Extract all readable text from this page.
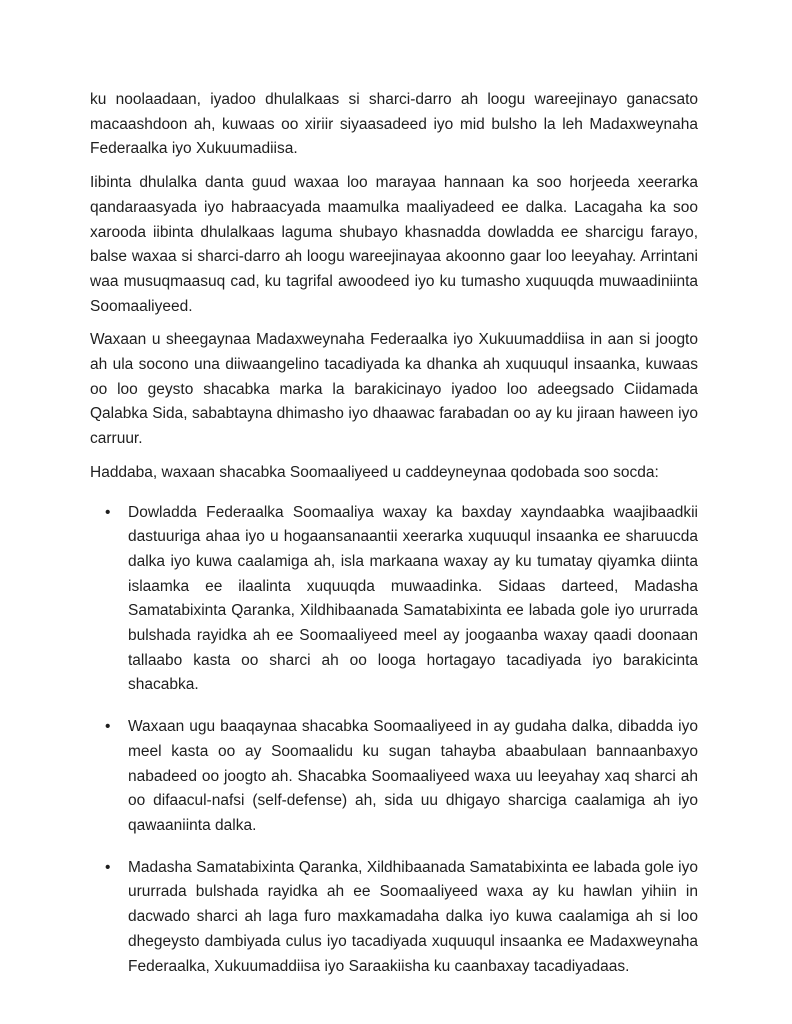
ku noolaadaan, iyadoo dhulalkaas si sharci-darro ah loogu wareejinayo ganacsato macaashdoon ah, kuwaas oo xiriir siyaasadeed iyo mid bulsho la leh Madaxweynaha Federaalka iyo Xukuumadiisa.

Iibinta dhulalka danta guud waxaa loo marayaa hannaan ka soo horjeeda xeerarka qandaraasyada iyo habraacyada maamulka maaliyadeed ee dalka. Lacagaha ka soo xarooda iibinta dhulalkaas laguma shubayo khasnadda dowladda ee sharcigu farayo, balse waxaa si sharci-darro ah loogu wareejinayaa akoonno gaar loo leeyahay. Arrintani waa musuqmaasuq cad, ku tagrifal awoodeed iyo ku tumasho xuquuqda muwaadiniinta Soomaaliyeed.

Waxaan u sheegaynaa Madaxweynaha Federaalka iyo Xukuumaddiisa in aan si joogto ah ula socono una diiwaangelino tacadiyada ka dhanka ah xuquuqul insaanka, kuwaas oo loo geysto shacabka marka la barakicinayo iyadoo loo adeegsado Ciidamada Qalabka Sida, sababtayna dhimasho iyo dhaawac farabadan oo ay ku jiraan haween iyo carruur.

Haddaba, waxaan shacabka Soomaaliyeed u caddeyneynaa qodobada soo socda:

•	Dowladda Federaalka Soomaaliya waxay ka baxday xayndaabka waajibaadkii dastuuriga ahaa iyo u hogaansanaantii xeerarka xuquuqul insaanka ee sharuucda dalka iyo kuwa caalamiga ah, isla markaana waxay ay ku tumatay qiyamka diinta islaamka ee ilaalinta xuquuqda muwaadinka. Sidaas darteed, Madasha Samatabixinta Qaranka, Xildhibaanada Samatabixinta ee labada gole iyo ururrada bulshada rayidka ah ee Soomaaliyeed meel ay joogaanba waxay qaadi doonaan tallaabo kasta oo sharci ah oo looga hortagayo tacadiyada iyo barakicinta shacabka.
•	Waxaan ugu baaqaynaa shacabka Soomaaliyeed in ay gudaha dalka, dibadda iyo meel kasta oo ay Soomaalidu ku sugan tahayba abaabulaan bannaanbaxyo nabadeed oo joogto ah. Shacabka Soomaaliyeed waxa uu leeyahay xaq sharci ah oo difaacul-nafsi (self-defense) ah, sida uu dhigayo sharciga caalamiga ah iyo qawaaniinta dalka.
•	Madasha Samatabixinta Qaranka, Xildhibaanada Samatabixinta ee labada gole iyo ururrada bulshada rayidka ah ee Soomaaliyeed waxa ay ku hawlan yihiin in dacwado sharci ah laga furo maxkamadaha dalka iyo kuwa caalamiga ah si loo dhegeysto dambiyada culus iyo tacadiyada xuquuqul insaanka ee Madaxweynaha Federaalka, Xukuumaddiisa iyo Saraakiisha ku caanbaxay tacadiyadaas.
